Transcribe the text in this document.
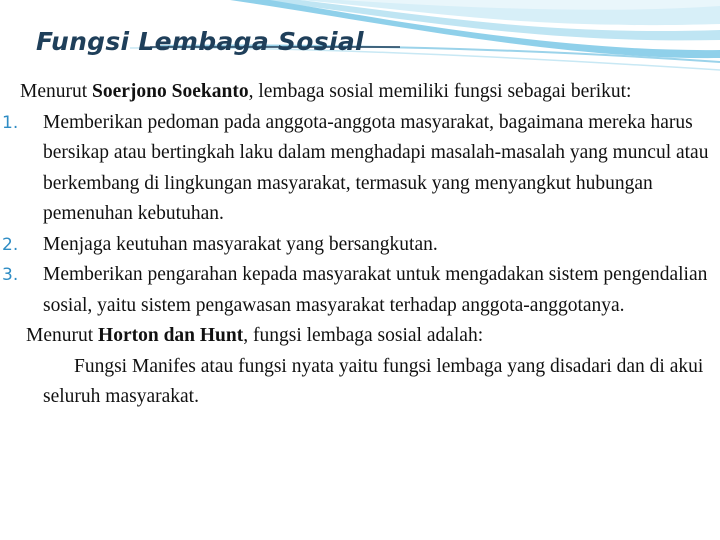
Fungsi Lembaga Sosial

Menurut Soerjono Soekanto, lembaga sosial memiliki fungsi sebagai berikut:

1. Memberikan pedoman pada anggota-anggota masyarakat, bagaimana mereka harus bersikap atau bertingkah laku dalam menghadapi masalah-masalah yang muncul atau berkembang di lingkungan masyarakat, termasuk yang menyangkut hubungan pemenuhan kebutuhan.
2. Menjaga keutuhan masyarakat yang bersangkutan.
3. Memberikan pengarahan kepada masyarakat untuk mengadakan sistem pengendalian sosial, yaitu sistem pengawasan masyarakat terhadap anggota-anggotanya.

Menurut Horton dan Hunt, fungsi lembaga sosial adalah:

Fungsi Manifes atau fungsi nyata yaitu fungsi lembaga yang disadari dan di akui seluruh masyarakat.
